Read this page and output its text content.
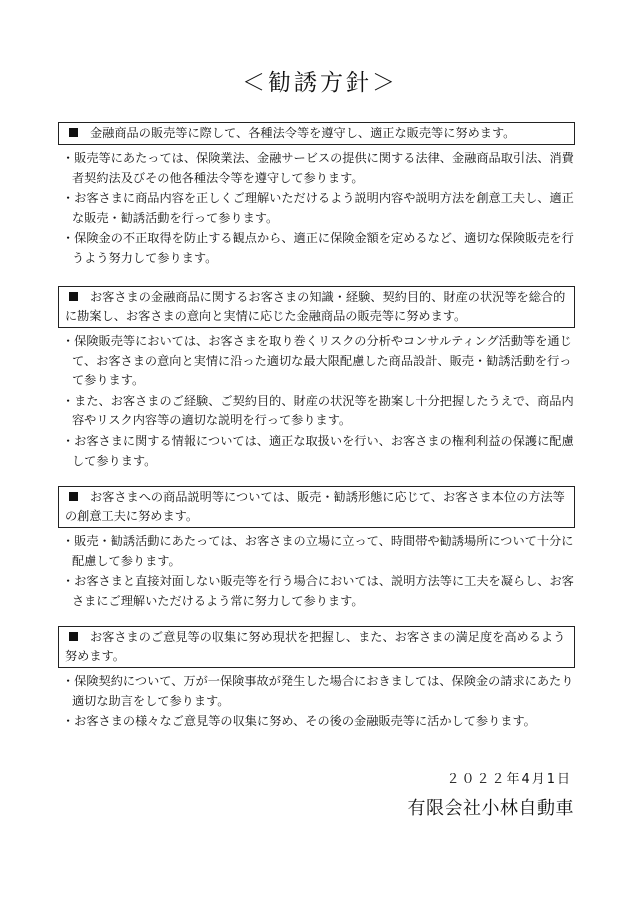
＜勧誘方針＞
金融商品の販売等に際して、各種法令等を遵守し、適正な販売等に努めます。
・販売等にあたっては、保険業法、金融サービスの提供に関する法律、金融商品取引法、消費者契約法及びその他各種法令等を遵守して参ります。
・お客さまに商品内容を正しくご理解いただけるよう説明内容や説明方法を創意工夫し、適正な販売・勧誘活動を行って参ります。
・保険金の不正取得を防止する観点から、適正に保険金額を定めるなど、適切な保険販売を行うよう努力して参ります。
お客さまの金融商品に関するお客さまの知識・経験、契約目的、財産の状況等を総合的に勘案し、お客さまの意向と実情に応じた金融商品の販売等に努めます。
・保険販売等においては、お客さまを取り巻くリスクの分析やコンサルティング活動等を通じて、お客さまの意向と実情に沿った適切な最大限配慮した商品設計、販売・勧誘活動を行って参ります。
・また、お客さまのご経験、ご契約目的、財産の状況等を勘案し十分把握したうえで、商品内容やリスク内容等の適切な説明を行って参ります。
・お客さまに関する情報については、適正な取扱いを行い、お客さまの権利利益の保護に配慮して参ります。
お客さまへの商品説明等については、販売・勧誘形態に応じて、お客さま本位の方法等の創意工夫に努めます。
・販売・勧誘活動にあたっては、お客さまの立場に立って、時間帯や勧誘場所について十分に配慮して参ります。
・お客さまと直接対面しない販売等を行う場合においては、説明方法等に工夫を凝らし、お客さまにご理解いただけるよう常に努力して参ります。
お客さまのご意見等の収集に努め現状を把握し、また、お客さまの満足度を高めるよう努めます。
・保険契約について、万が一保険事故が発生した場合におきましては、保険金の請求にあたり適切な助言をして参ります。
・お客さまの様々なご意見等の収集に努め、その後の金融販売等に活かして参ります。
２０２２年4月1日
有限会社小林自動車
